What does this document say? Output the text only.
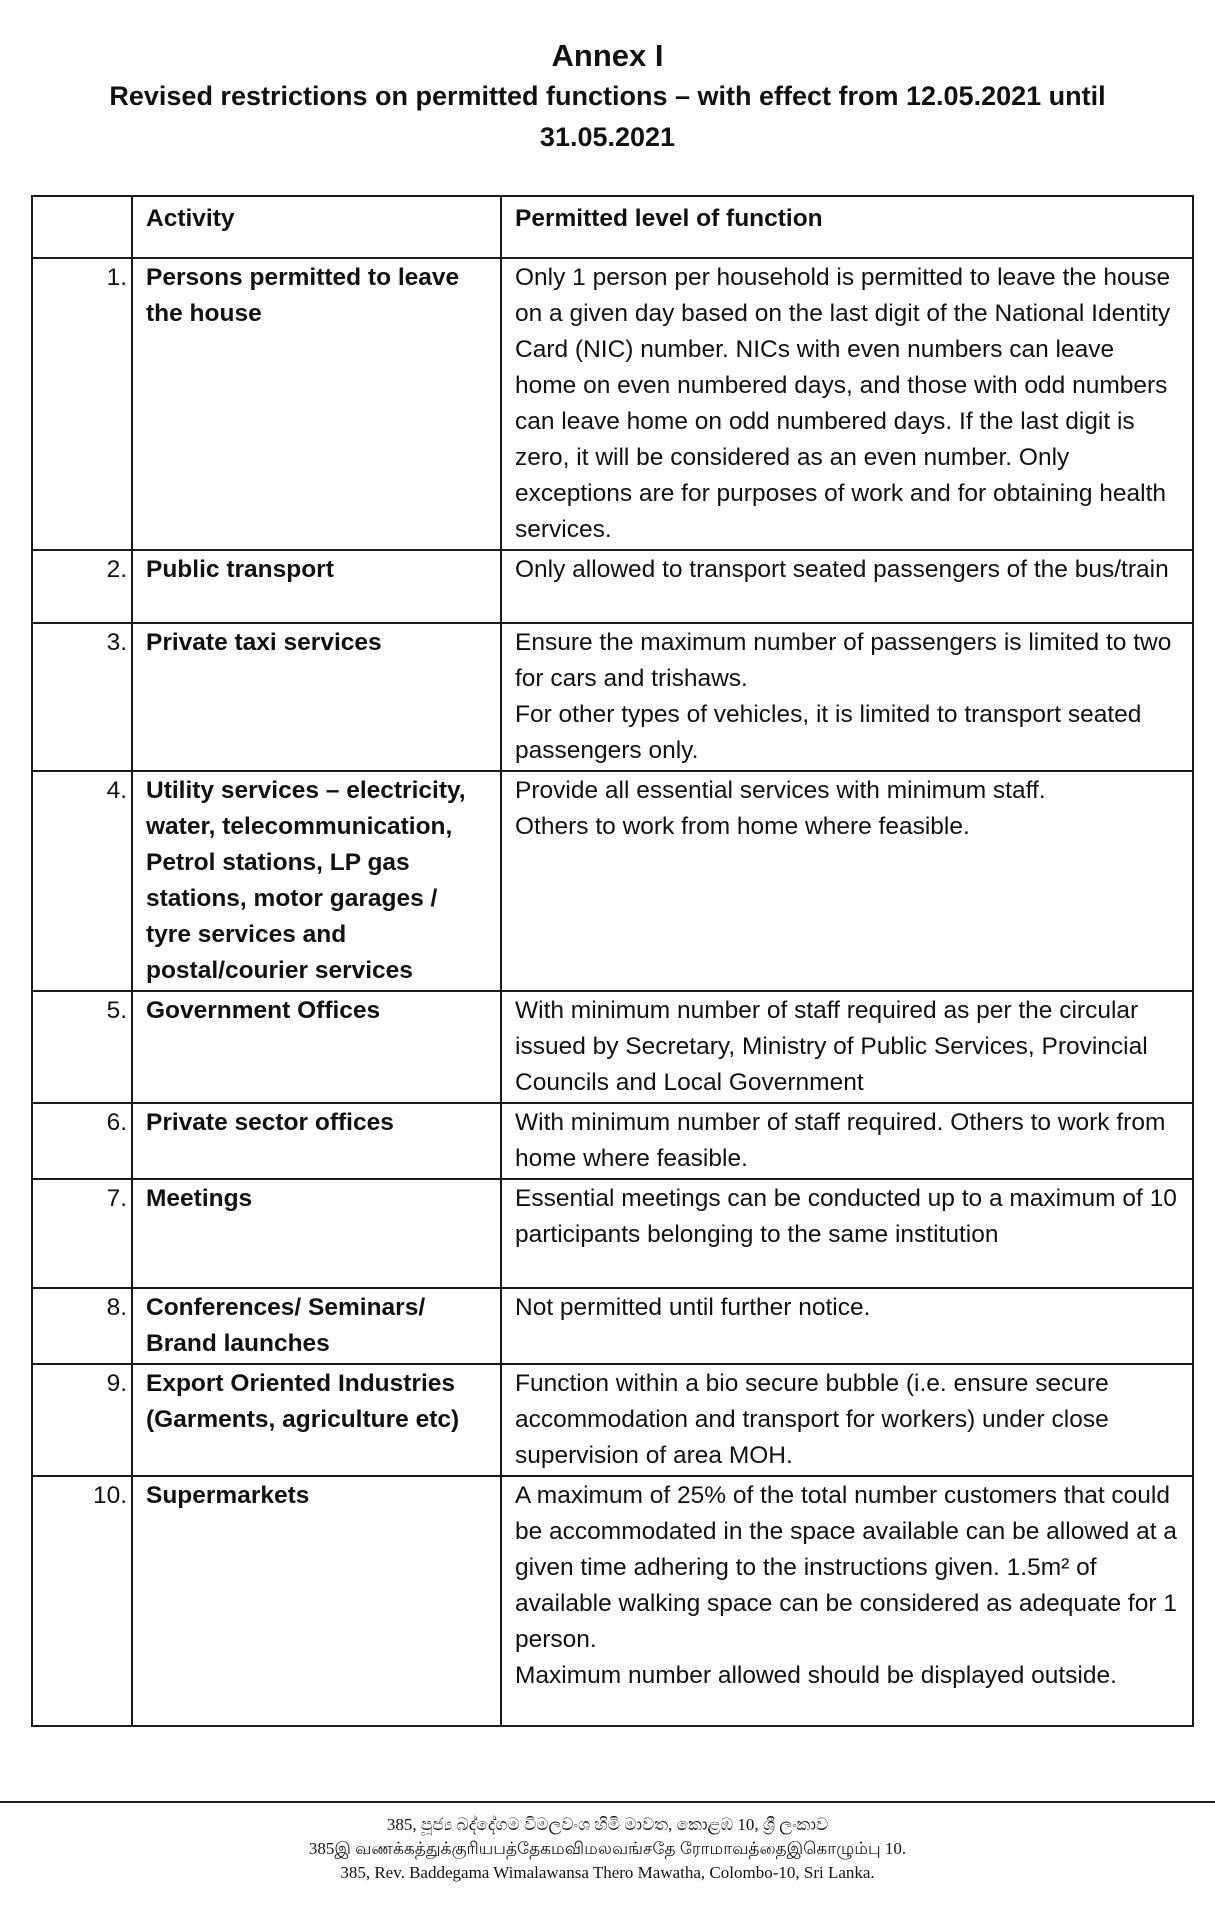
Annex I
Revised restrictions on permitted functions – with effect from 12.05.2021 until 31.05.2021
	Activity	Permitted level of function
1.	Persons permitted to leave the house	Only 1 person per household is permitted to leave the house on a given day based on the last digit of the National Identity Card (NIC) number. NICs with even numbers can leave home on even numbered days, and those with odd numbers can leave home on odd numbered days. If the last digit is zero, it will be considered as an even number. Only exceptions are for purposes of work and for obtaining health services.

2.	Public transport	Only allowed to transport seated passengers of the bus/train

3.	Private taxi services	Ensure the maximum number of passengers is limited to two for cars and trishaws.

For other types of vehicles, it is limited to transport seated passengers only.

4.	Utility services – electricity, water, telecommunication, Petrol stations, LP gas stations, motor garages / tyre services and postal/courier services	Provide all essential services with minimum staff.

Others to work from home where feasible.

5.	Government Offices	With minimum number of staff required as per the circular issued by Secretary, Ministry of Public Services, Provincial Councils and Local Government

6.	Private sector offices	With minimum number of staff required. Others to work from home where feasible.

7.	Meetings	Essential meetings can be conducted up to a maximum of 10 participants belonging to the same institution

8.	Conferences/ Seminars/ Brand launches	Not permitted until further notice.

9.	Export Oriented Industries (Garments, agriculture etc)	Function within a bio secure bubble (i.e. ensure secure accommodation and transport for workers) under close supervision of area MOH.

10.	Supermarkets	A maximum of 25% of the total number customers that could be accommodated in the space available can be allowed at a given time adhering to the instructions given. 1.5m² of available walking space can be considered as adequate for 1 person.

Maximum number allowed should be displayed outside.

385, පූජ්‍ය බද්දේගම විමලවංශ හිමි මාවත, කොළඹ 10, ශ්‍රී ලංකාව
385இ வணக்கத்துக்குரியபத்தேகமவிமலவங்சதே ரோமாவத்தைஇகொழும்பு 10.
385, Rev. Baddegama Wimalawansa Thero Mawatha, Colombo-10, Sri Lanka.
